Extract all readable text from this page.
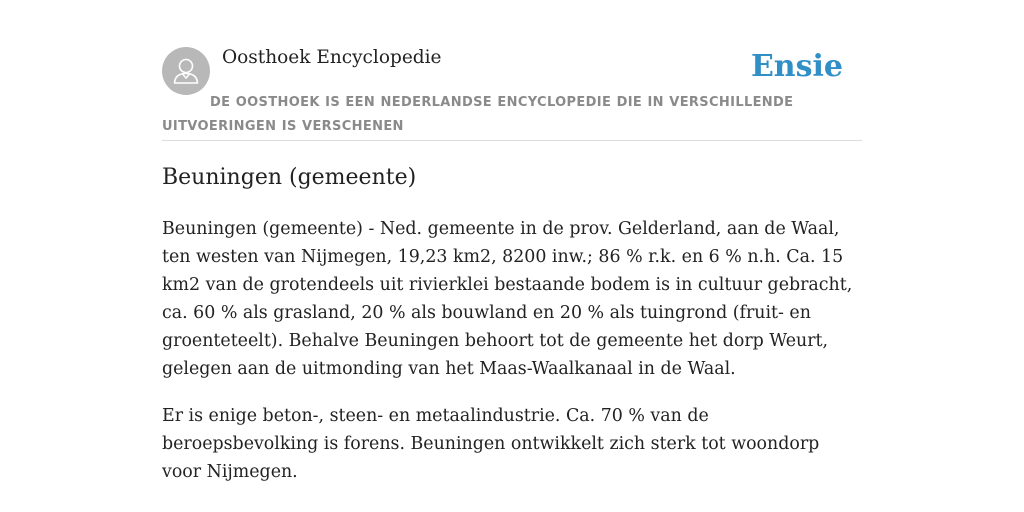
Oosthoek Encyclopedie	Ensie
DE OOSTHOEK IS EEN NEDERLANDSE ENCYCLOPEDIE DIE IN VERSCHILLENDE UITVOERINGEN IS VERSCHENEN
Beuningen (gemeente)

Beuningen (gemeente) - Ned. gemeente in de prov. Gelderland, aan de Waal, ten westen van Nijmegen, 19,23 km2, 8200 inw.; 86 % r.k. en 6 % n.h. Ca. 15 km2 van de grotendeels uit rivierklei bestaande bodem is in cultuur gebracht, ca. 60 % als grasland, 20 % als bouwland en 20 % als tuingrond (fruit- en groenteteelt). Behalve Beuningen behoort tot de gemeente het dorp Weurt, gelegen aan de uitmonding van het Maas-Waalkanaal in de Waal.

Er is enige beton-, steen- en metaalindustrie. Ca. 70 % van de beroepsbevolking is forens. Beuningen ontwikkelt zich sterk tot woondorp voor Nijmegen.
